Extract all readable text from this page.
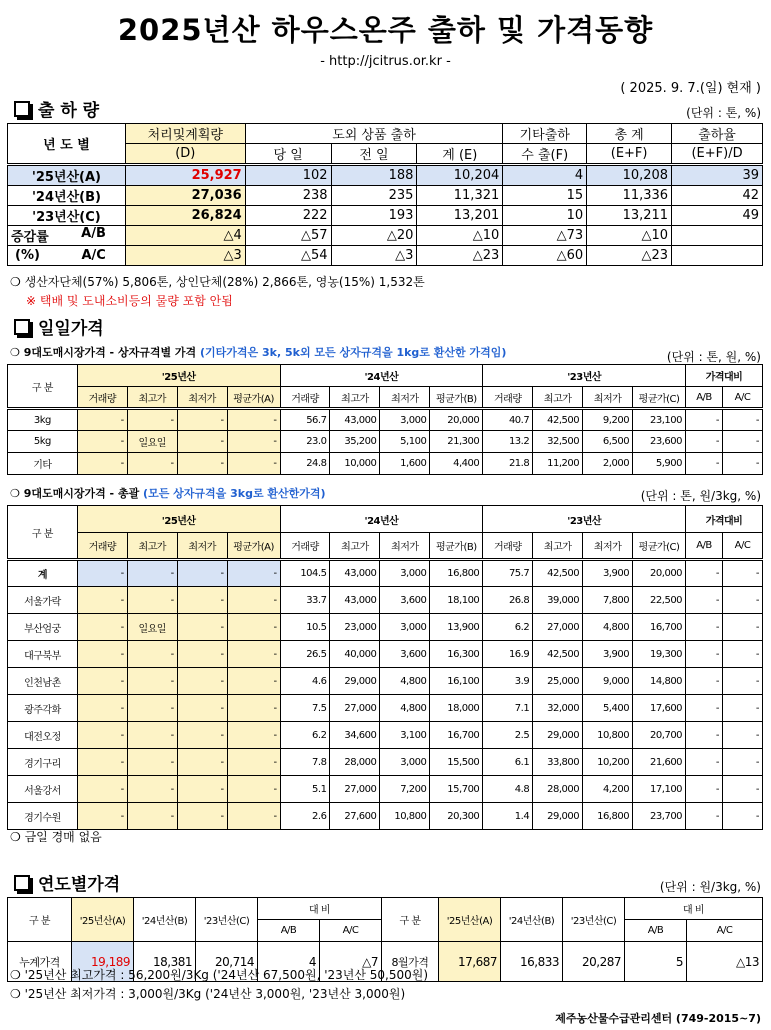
2025년산 하우스온주 출하 및 가격동향
- http://jcitrus.or.kr -
( 2025. 9. 7.(일) 현재 )
출 하 량	(단위 : 톤, %)
년 도 별	처리및계획량	도외 상품 출하			기타출하	총 계	출하율
	(D)	당 일	전 일	계 (E)	수 출(F)	(E+F)	(E+F)/D
'25년산(A)	25,927	102	188	10,204	4	10,208	39
'24년산(B)	27,036	238	235	11,321	15	11,336	42
'23년산(C)	26,824	222	193	13,201	10	13,211	49
증감률 A/B	△4	△57	△20	△10	△73	△10	
(%) A/C	△3	△54	△3	△23	△60	△23	
❍ 생산자단체(57%) 5,806톤, 상인단체(28%) 2,866톤, 영농(15%) 1,532톤
※ 택배 및 도내소비등의 물량 포함 안됨
일일가격
❍ 9대도매시장가격 - 상자규격별 가격 (기타가격은 3k, 5k외 모든 상자규격을 1kg로 환산한 가격임)	(단위 : 톤, 원, %)
구 분	'25년산				'24년산				'23년산				가격대비	
	거래량	최고가	최저가	평균가(A)	거래량	최고가	최저가	평균가(B)	거래량	최고가	최저가	평균가(C)	A/B	A/C
3kg	-	-	-	-	56.7	43,000	3,000	20,000	40.7	42,500	9,200	23,100	-	-
5kg	-	일요일	-	-	23.0	35,200	5,100	21,300	13.2	32,500	6,500	23,600	-	-
기타	-	-	-	-	24.8	10,000	1,600	4,400	21.8	11,200	2,000	5,900	-	-
❍ 9대도매시장가격 - 총괄 (모든 상자규격을 3kg로 환산한가격)	(단위 : 톤, 원/3kg, %)
구 분	'25년산				'24년산				'23년산				가격대비	
	거래량	최고가	최저가	평균가(A)	거래량	최고가	최저가	평균가(B)	거래량	최고가	최저가	평균가(C)	A/B	A/C
계	-	-	-	-	104.5	43,000	3,000	16,800	75.7	42,500	3,900	20,000	-	-
서울가락	-	-	-	-	33.7	43,000	3,600	18,100	26.8	39,000	7,800	22,500	-	-
부산엄궁	-	일요일	-	-	10.5	23,000	3,000	13,900	6.2	27,000	4,800	16,700	-	-
대구북부	-	-	-	-	26.5	40,000	3,600	16,300	16.9	42,500	3,900	19,300	-	-
인천남촌	-	-	-	-	4.6	29,000	4,800	16,100	3.9	25,000	9,000	14,800	-	-
광주각화	-	-	-	-	7.5	27,000	4,800	18,000	7.1	32,000	5,400	17,600	-	-
대전오정	-	-	-	-	6.2	34,600	3,100	16,700	2.5	29,000	10,800	20,700	-	-
경기구리	-	-	-	-	7.8	28,000	3,000	15,500	6.1	33,800	10,200	21,600	-	-
서울강서	-	-	-	-	5.1	27,000	7,200	15,700	4.8	28,000	4,200	17,100	-	-
경기수원	-	-	-	-	2.6	27,600	10,800	20,300	1.4	29,000	16,800	23,700	-	-
❍ 금일 경매 없음
연도별가격	(단위 : 원/3kg, %)
구 분	'25년산(A)	'24년산(B)	'23년산(C)	대 비		구 분	'25년산(A)	'24년산(B)	'23년산(C)	대 비	
				A/B	A/C					A/B	A/C
누계가격	19,189	18,381	20,714	4	△7	8월가격	17,687	16,833	20,287	5	△13
❍ '25년산 최고가격 : 56,200원/3Kg ('24년산 67,500원, '23년산 50,500원)
❍ '25년산 최저가격 : 3,000원/3Kg ('24년산 3,000원, '23년산 3,000원)
제주농산물수급관리센터 (749-2015~7)
